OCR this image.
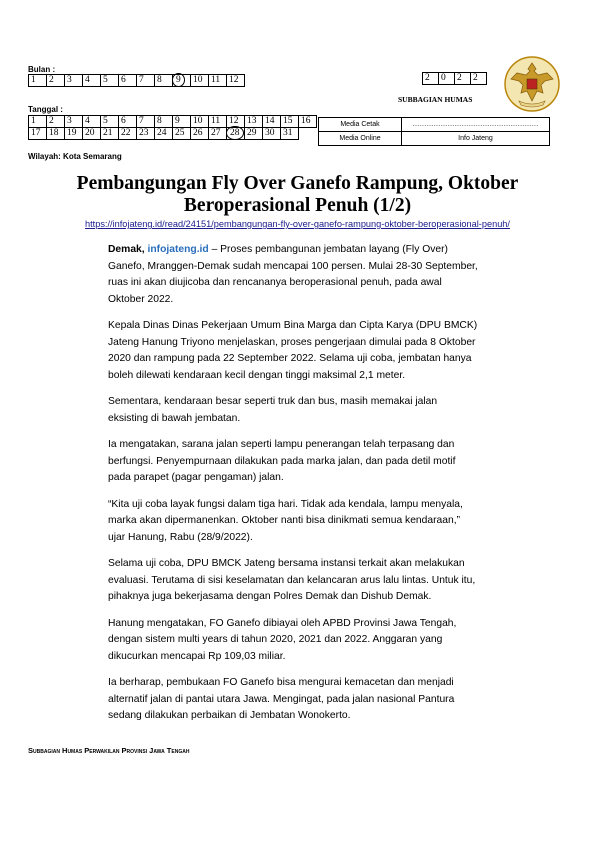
Bulan :
1	2	3	4	5	6	7	8	9	10	11	12
Tanggal :
1	2	3	4	5	6	7	8	9	10	11	12	13	14	15	16
17	18	19	20	21	22	23	24	25	26	27	28	29	30	31	
Media Cetak	………………………………………………
Media Online	Info Jateng
2	0	2	2
SUBBAGIAN HUMAS
Wilayah: Kota Semarang
Pembangungan Fly Over Ganefo Rampung, Oktober
Beroperasional Penuh (1/2)
https://infojateng.id/read/24151/pembangungan-fly-over-ganefo-rampung-oktober-beroperasional-penuh/

Demak, infojateng.id – Proses pembangunan jembatan layang (Fly Over) Ganefo, Mranggen-Demak sudah mencapai 100 persen. Mulai 28-30 September, ruas ini akan diujicoba dan rencananya beroperasional penuh, pada awal Oktober 2022.

Kepala Dinas Dinas Pekerjaan Umum Bina Marga dan Cipta Karya (DPU BMCK) Jateng Hanung Triyono menjelaskan, proses pengerjaan dimulai pada 8 Oktober 2020 dan rampung pada 22 September 2022. Selama uji coba, jembatan hanya boleh dilewati kendaraan kecil dengan tinggi maksimal 2,1 meter.

Sementara, kendaraan besar seperti truk dan bus, masih memakai jalan eksisting di bawah jembatan.

Ia mengatakan, sarana jalan seperti lampu penerangan telah terpasang dan berfungsi. Penyempurnaan dilakukan pada marka jalan, dan pada detil motif pada parapet (pagar pengaman) jalan.

“Kita uji coba layak fungsi dalam tiga hari. Tidak ada kendala, lampu menyala, marka akan dipermanenkan. Oktober nanti bisa dinikmati semua kendaraan,” ujar Hanung, Rabu (28/9/2022).

Selama uji coba, DPU BMCK Jateng bersama instansi terkait akan melakukan evaluasi. Terutama di sisi keselamatan dan kelancaran arus lalu lintas. Untuk itu, pihaknya juga bekerjasama dengan Polres Demak dan Dishub Demak.

Hanung mengatakan, FO Ganefo dibiayai oleh APBD Provinsi Jawa Tengah, dengan sistem multi years di tahun 2020, 2021 dan 2022. Anggaran yang dikucurkan mencapai Rp 109,03 miliar.

Ia berharap, pembukaan FO Ganefo bisa mengurai kemacetan dan menjadi alternatif jalan di pantai utara Jawa. Mengingat, pada jalan nasional Pantura sedang dilakukan perbaikan di Jembatan Wonokerto.

Subbagian Humas Perwakilan Provinsi Jawa Tengah
